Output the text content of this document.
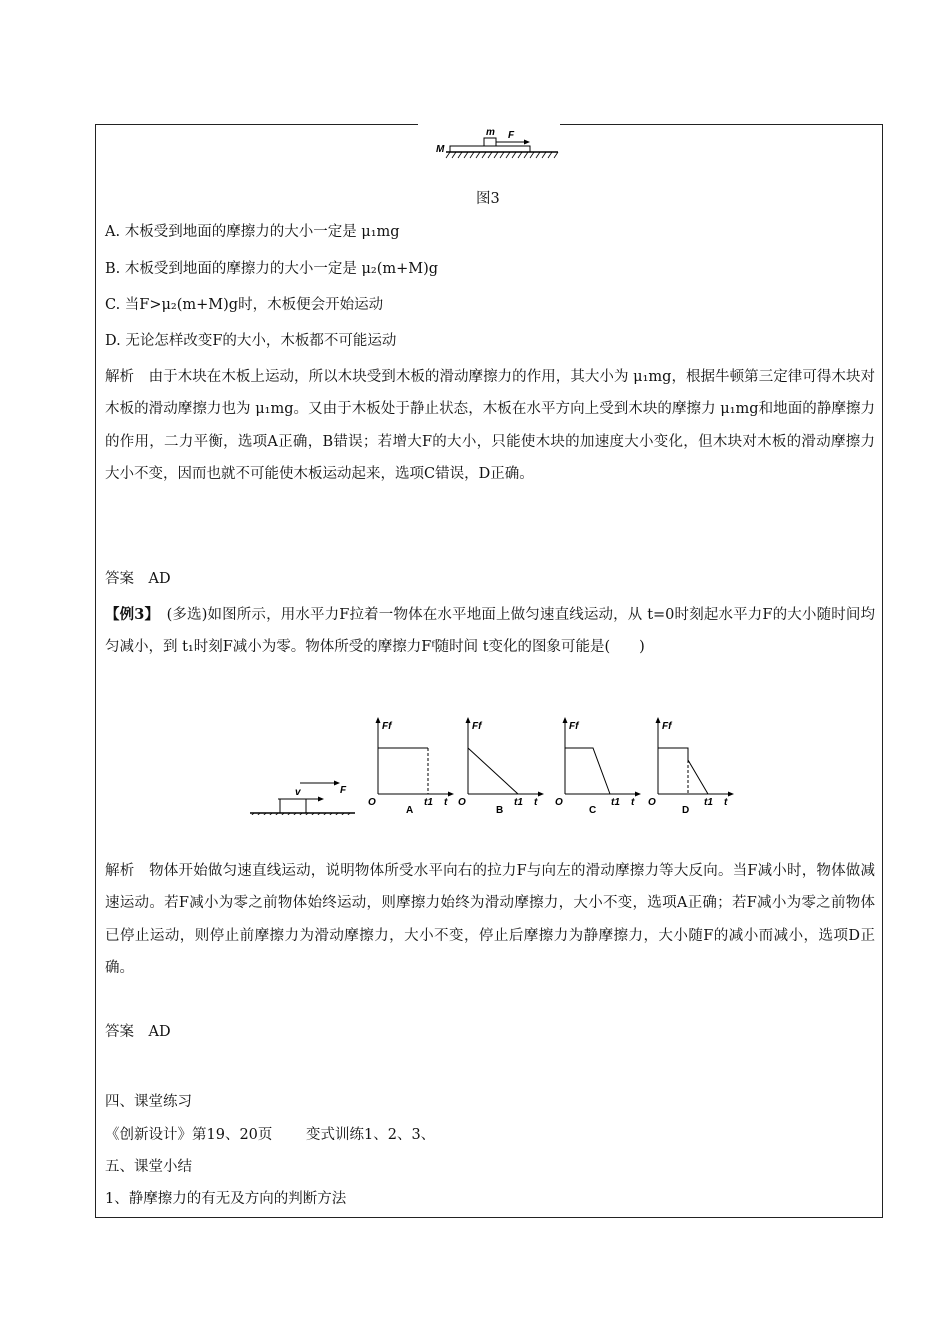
M
m F
图3
A. 木板受到地面的摩擦力的大小一定是 μ₁mg
B. 木板受到地面的摩擦力的大小一定是 μ₂(m+M)g
C. 当F>μ₂(m+M)g时，木板便会开始运动
D. 无论怎样改变F的大小，木板都不可能运动
解析　 由于木块在木板上运动，所以木块受到木板的滑动摩擦力的作用，其大小为 μ₁mg，根据牛顿第三定律可得木块对木板的滑动摩擦力也为 μ₁mg。又由于木板处于静止状态，木板在水平方向上受到木块的摩擦力 μ₁mg和地面的静摩擦力的作用，二力平衡，选项A正确，B错误；若增大F的大小，只能使木块的加速度大小变化，但木块对木板的滑动摩擦力大小不变，因而也就不可能使木板运动起来，选项C错误，D正确。
答案　AD
【例3】　 (多选)如图所示，用水平力F拉着一物体在水平地面上做匀速直线运动，从 t=0时刻起水平力F的大小随时间均匀减小，到 t₁时刻F减小为零。物体所受的摩擦力Fᶠ随时间 t变化的图象可能是(　　)
v	F
Ff
O	t1 t
A
Ff
O	t1 t
B
Ff
O	t1 t
C
Ff
O	t1 t
D
解析　 物体开始做匀速直线运动，说明物体所受水平向右的拉力F与向左的滑动摩擦力等大反向。当F减小时，物体做减速运动。若F减小为零之前物体始终运动，则摩擦力始终为滑动摩擦力，大小不变，选项A正确；若F减小为零之前物体已停止运动，则停止前摩擦力为滑动摩擦力，大小不变，停止后摩擦力为静摩擦力，大小随F的减小而减小，选项D正确。
答案　AD
四、课堂练习
《创新设计》第19、20页　　 变式训练1、2、3、
五、课堂小结
1、静摩擦力的有无及方向的判断方法
